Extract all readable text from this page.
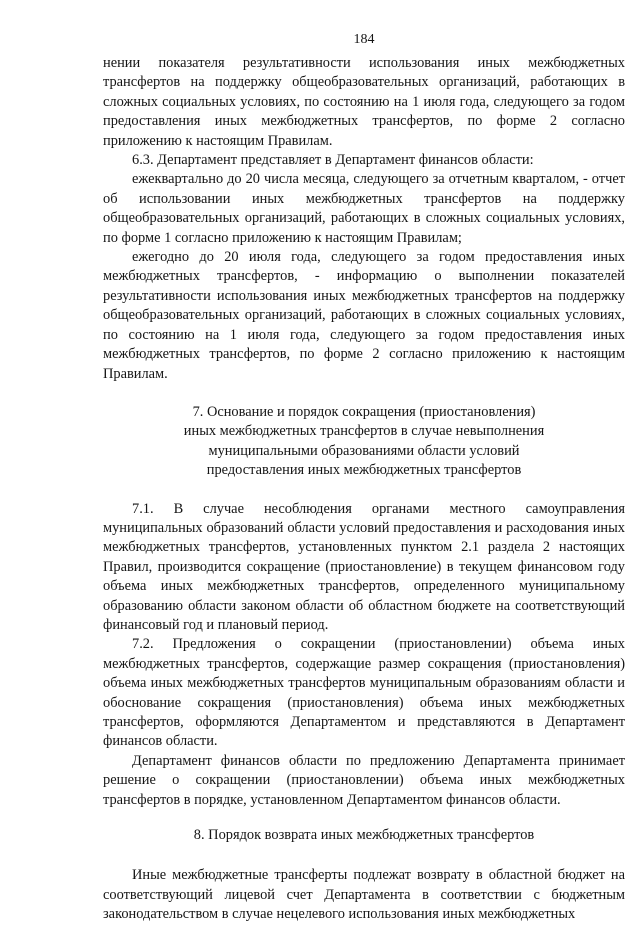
184

нении показателя результативности использования иных межбюджетных трансфертов на поддержку общеобразовательных организаций, работающих в сложных социальных условиях, по состоянию на 1 июля года, следующего за годом предоставления иных межбюджетных трансфертов, по форме 2 согласно приложению к настоящим Правилам.

6.3. Департамент представляет в Департамент финансов области:

ежеквартально до 20 числа месяца, следующего за отчетным кварталом, - отчет об использовании иных межбюджетных трансфертов на поддержку общеобразовательных организаций, работающих в сложных социальных условиях, по форме 1 согласно приложению к настоящим Правилам;

ежегодно до 20 июля года, следующего за годом предоставления иных межбюджетных трансфертов, - информацию о выполнении показателей результативности использования иных межбюджетных трансфертов на поддержку общеобразовательных организаций, работающих в сложных социальных условиях, по состоянию на 1 июля года, следующего за годом предоставления иных межбюджетных трансфертов, по форме 2 согласно приложению к настоящим Правилам.

7. Основание и порядок сокращения (приостановления)
иных межбюджетных трансфертов в случае невыполнения
муниципальными образованиями области условий
предоставления иных межбюджетных трансфертов

7.1. В случае несоблюдения органами местного самоуправления муниципальных образований области условий предоставления и расходования иных межбюджетных трансфертов, установленных пунктом 2.1 раздела 2 настоящих Правил, производится сокращение (приостановление) в текущем финансовом году объема иных межбюджетных трансфертов, определенного муниципальному образованию области законом области об областном бюджете на соответствующий финансовый год и плановый период.

7.2. Предложения о сокращении (приостановлении) объема иных межбюджетных трансфертов, содержащие размер сокращения (приостановления) объема иных межбюджетных трансфертов муниципальным образованиям области и обоснование сокращения (приостановления) объема иных межбюджетных трансфертов, оформляются Департаментом и представляются в Департамент финансов области.

Департамент финансов области по предложению Департамента принимает решение о сокращении (приостановлении) объема иных межбюджетных трансфертов в порядке, установленном Департаментом финансов области.

8. Порядок возврата иных межбюджетных трансфертов

Иные межбюджетные трансферты подлежат возврату в областной бюджет на соответствующий лицевой счет Департамента в соответствии с бюджетным законодательством в случае нецелевого использования иных межбюджетных
